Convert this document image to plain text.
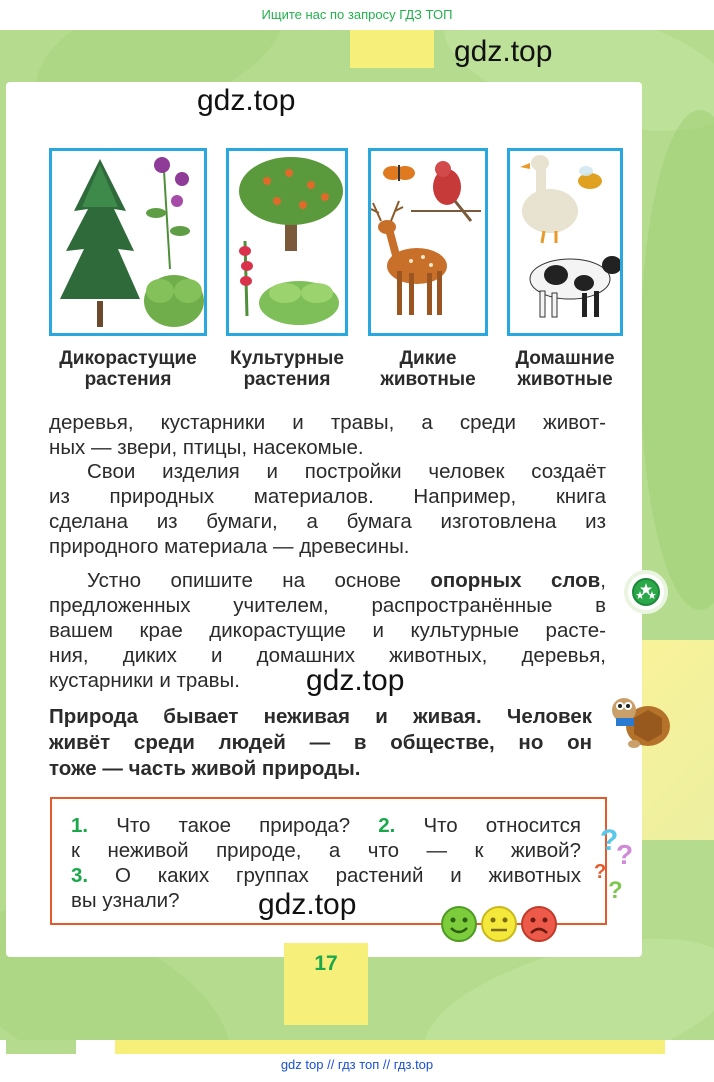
Ищите нас по запросу ГДЗ ТОП
gdz.top
gdz.top
Дикорастущие
растения
Культурные
растения
Дикие
животные
Домашние
животные
деревья, кустарники и травы, а среди живот-
ных — звери, птицы, насекомые.
Свои изделия и постройки человек создаёт
из природных материалов. Например, книга
сделана из бумаги, а бумага изготовлена из
природного материала — древесины.
Устно опишите на основе опорных слов,
предложенных учителем, распространённые в
вашем крае дикорастущие и культурные расте-
ния, диких и домашних животных, деревья,
кустарники и травы.	gdz.top
Природа бывает неживая и живая. Человек
живёт среди людей — в обществе, но он
тоже — часть живой природы.
1. Что такое природа? 2. Что относится
к неживой природе, а что — к живой?
3. О каких группах растений и животных
вы узнали?
?
?
?
?
gdz.top
17
gdz top // гдз топ // гдз.top
